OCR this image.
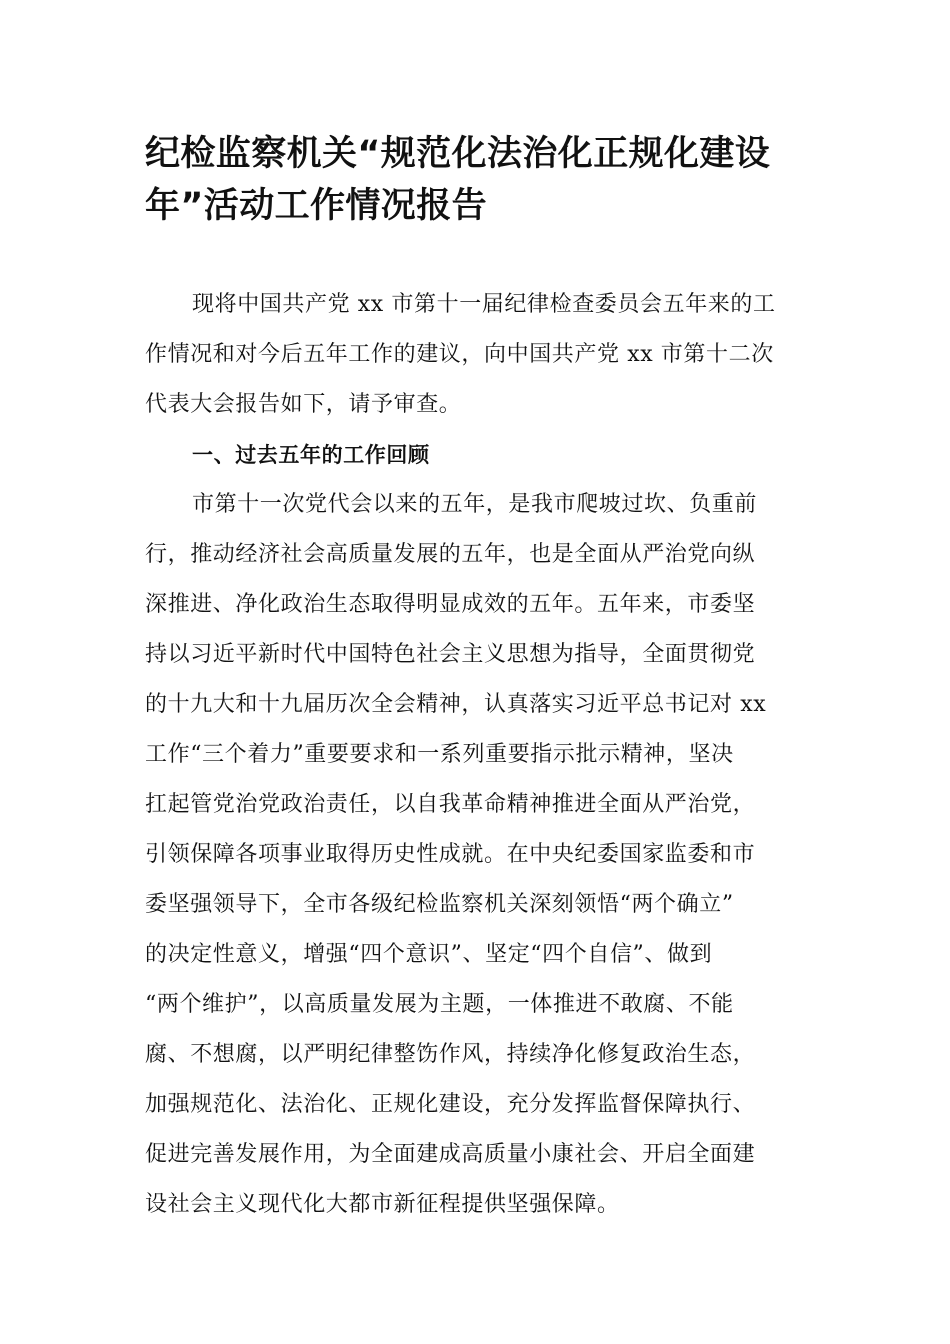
纪检监察机关“规范化法治化正规化建设
年”活动工作情况报告
现将中国共产党 xx 市第十一届纪律检查委员会五年来的工
作情况和对今后五年工作的建议，向中国共产党 xx 市第十二次
代表大会报告如下，请予审查。
一、过去五年的工作回顾
市第十一次党代会以来的五年，是我市爬坡过坎、负重前
行，推动经济社会高质量发展的五年，也是全面从严治党向纵
深推进、净化政治生态取得明显成效的五年。五年来，市委坚
持以习近平新时代中国特色社会主义思想为指导，全面贯彻党
的十九大和十九届历次全会精神，认真落实习近平总书记对 xx
工作“三个着力”重要要求和一系列重要指示批示精神，坚决
扛起管党治党政治责任，以自我革命精神推进全面从严治党，
引领保障各项事业取得历史性成就。在中央纪委国家监委和市
委坚强领导下，全市各级纪检监察机关深刻领悟“两个确立”
的决定性意义，增强“四个意识”、坚定“四个自信”、做到
“两个维护”，以高质量发展为主题，一体推进不敢腐、不能
腐、不想腐，以严明纪律整饬作风，持续净化修复政治生态，
加强规范化、法治化、正规化建设，充分发挥监督保障执行、
促进完善发展作用，为全面建成高质量小康社会、开启全面建
设社会主义现代化大都市新征程提供坚强保障。
